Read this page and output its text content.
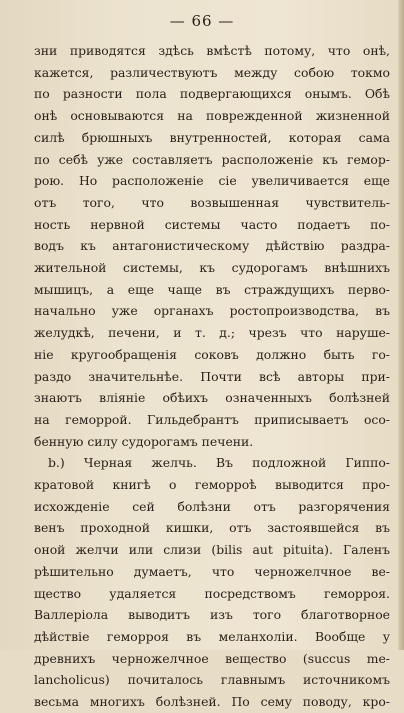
— 66 —
зни приводятся здѣсь вмѣстѣ потому, что онѣ,
кажется, различествуютъ между собою токмо
по разности пола подвергающихся онымъ. Обѣ
онѣ основываются на поврежденной жизненной
силѣ брюшныхъ внутренностей, которая сама
по себѣ уже составляетъ расположенiе къ гемор-
рою. Но расположенiе сiе увеличивается еще
отъ того, что возвышенная чувствитель-
ность нервной системы часто подаетъ по-
водъ къ антагонистическому дѣйствiю раздра-
жительной системы, къ судорогамъ внѣшнихъ
мышицъ, а еще чаще въ страждущихъ перво-
начально уже органахъ ростопроизводства, въ
желудкѣ, печени, и т. д.; чрезъ что наруше-
нiе кругообращенiя соковъ должно быть го-
раздо значительнѣе. Почти всѣ авторы при-
знаютъ влiянiе обѣихъ означенныхъ болѣзней
на геморрой. Гильдебрантъ приписываетъ осо-
бенную силу судорогамъ печени.
b.) Черная желчь. Въ подложной Гиппо-
кратовой книгѣ о геморроѣ выводится про-
исхожденiе сей болѣзни отъ разгорячения
венъ проходной кишки, отъ застоявшейся въ
оной желчи или слизи (bilis aut pituita). Галенъ
рѣшительно думаетъ, что черножелчное ве-
щество удаляется посредствомъ геморроя.
Валлерiола выводитъ изъ того благотворное
дѣйствiе геморроя въ меланхолiи. Вообще у
древнихъ черножелчное вещество (succus me-
lancholicus) почиталось главнымъ источникомъ
весьма многихъ болѣзней. По сему поводу, кро-
